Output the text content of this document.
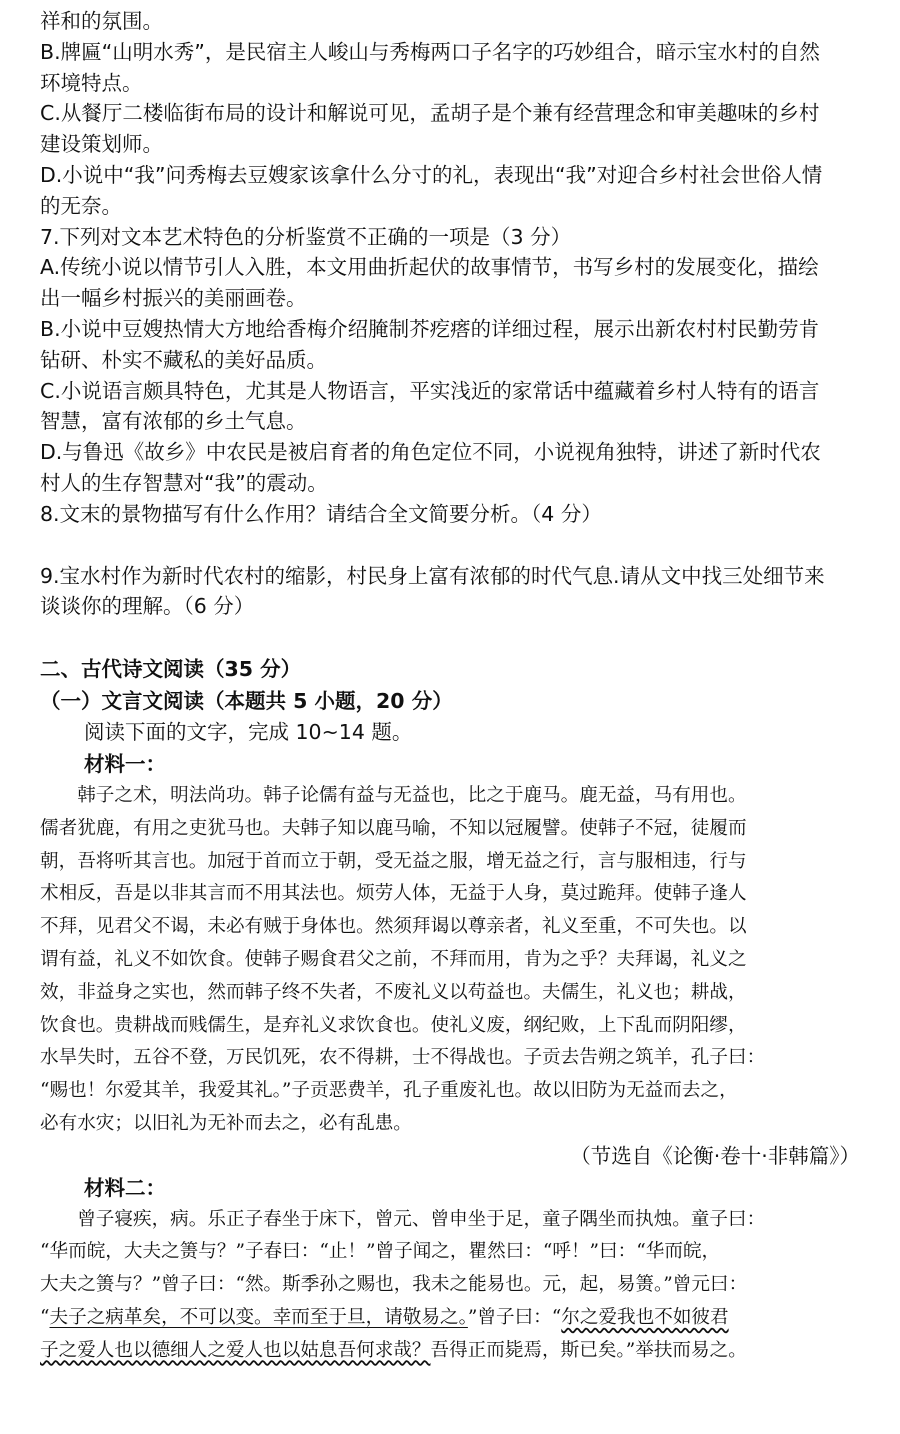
祥和的氛围。
B.牌匾“山明水秀”，是民宿主人峻山与秀梅两口子名字的巧妙组合，暗示宝水村的自然
环境特点。
C.从餐厅二楼临街布局的设计和解说可见，孟胡子是个兼有经营理念和审美趣味的乡村
建设策划师。
D.小说中“我”问秀梅去豆嫂家该拿什么分寸的礼，表现出“我”对迎合乡村社会世俗人情
的无奈。
7.下列对文本艺术特色的分析鉴赏不正确的一项是（3 分）
A.传统小说以情节引人入胜，本文用曲折起伏的故事情节，书写乡村的发展变化，描绘
出一幅乡村振兴的美丽画卷。
B.小说中豆嫂热情大方地给香梅介绍腌制芥疙瘩的详细过程，展示出新农村村民勤劳肯
钻研、朴实不藏私的美好品质。
C.小说语言颇具特色，尤其是人物语言，平实浅近的家常话中蕴藏着乡村人特有的语言
智慧，富有浓郁的乡土气息。
D.与鲁迅《故乡》中农民是被启育者的角色定位不同，小说视角独特，讲述了新时代农
村人的生存智慧对“我”的震动。
8.文末的景物描写有什么作用？请结合全文简要分析。（4 分）
9.宝水村作为新时代农村的缩影，村民身上富有浓郁的时代气息.请从文中找三处细节来
谈谈你的理解。（6 分）
二、古代诗文阅读（35 分）
（一）文言文阅读（本题共 5 小题，20 分）
阅读下面的文字，完成 10~14 题。
材料一：
　　韩子之术，明法尚功。韩子论儒有益与无益也，比之于鹿马。鹿无益，马有用也。
儒者犹鹿，有用之吏犹马也。夫韩子知以鹿马喻，不知以冠履譬。使韩子不冠，徒履而
朝，吾将听其言也。加冠于首而立于朝，受无益之服，增无益之行，言与服相违，行与
术相反，吾是以非其言而不用其法也。烦劳人体，无益于人身，莫过跪拜。使韩子逢人
不拜，见君父不谒，未必有贼于身体也。然须拜谒以尊亲者，礼义至重，不可失也。以
谓有益，礼义不如饮食。使韩子赐食君父之前，不拜而用，肯为之乎？夫拜谒，礼义之
效，非益身之实也，然而韩子终不失者，不废礼义以苟益也。夫儒生，礼义也；耕战，
饮食也。贵耕战而贱儒生，是弃礼义求饮食也。使礼义废，纲纪败，上下乱而阴阳缪，
水旱失时，五谷不登，万民饥死，农不得耕，士不得战也。子贡去告朔之筑羊，孔子曰：
“赐也！尔爱其羊，我爱其礼。”子贡恶费羊，孔子重废礼也。故以旧防为无益而去之，
必有水灾；以旧礼为无补而去之，必有乱患。
（节选自《论衡·卷十·非韩篇》）
材料二：
　　曾子寝疾，病。乐正子春坐于床下，曾元、曾申坐于足，童子隅坐而执烛。童子曰：
“华而皖，大夫之箦与？”子春曰：“止！”曾子闻之，瞿然曰：“呼！”曰：“华而皖，
大夫之箦与？”曾子曰：“然。斯季孙之赐也，我未之能易也。元，起，易箦。”曾元曰：
“夫子之病革矣，不可以变。幸而至于旦，请敬易之。”曾子曰：“尔之爱我也不如彼君
子之爱人也以德细人之爱人也以姑息吾何求哉？吾得正而毙焉，斯已矣。”举扶而易之。
